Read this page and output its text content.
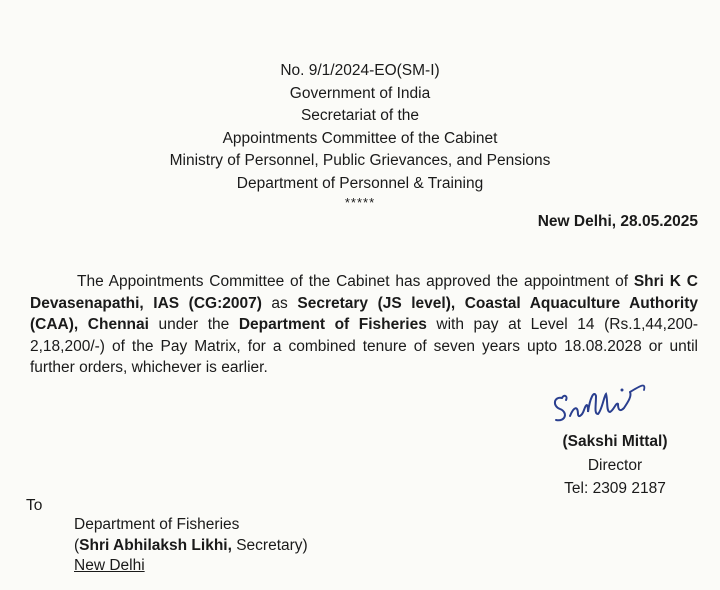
No. 9/1/2024-EO(SM-I)
Government of India
Secretariat of the
Appointments Committee of the Cabinet
Ministry of Personnel, Public Grievances, and Pensions
Department of Personnel & Training
*****
New Delhi, 28.05.2025
The Appointments Committee of the Cabinet has approved the appointment of Shri K C Devasenapathi, IAS (CG:2007) as Secretary (JS level), Coastal Aquaculture Authority (CAA), Chennai under the Department of Fisheries with pay at Level 14 (Rs.1,44,200- 2,18,200/-) of the Pay Matrix, for a combined tenure of seven years upto 18.08.2028 or until further orders, whichever is earlier.
(Sakshi Mittal)
Director
Tel: 2309 2187
To
Department of Fisheries
(Shri Abhilaksh Likhi, Secretary)
New Delhi
